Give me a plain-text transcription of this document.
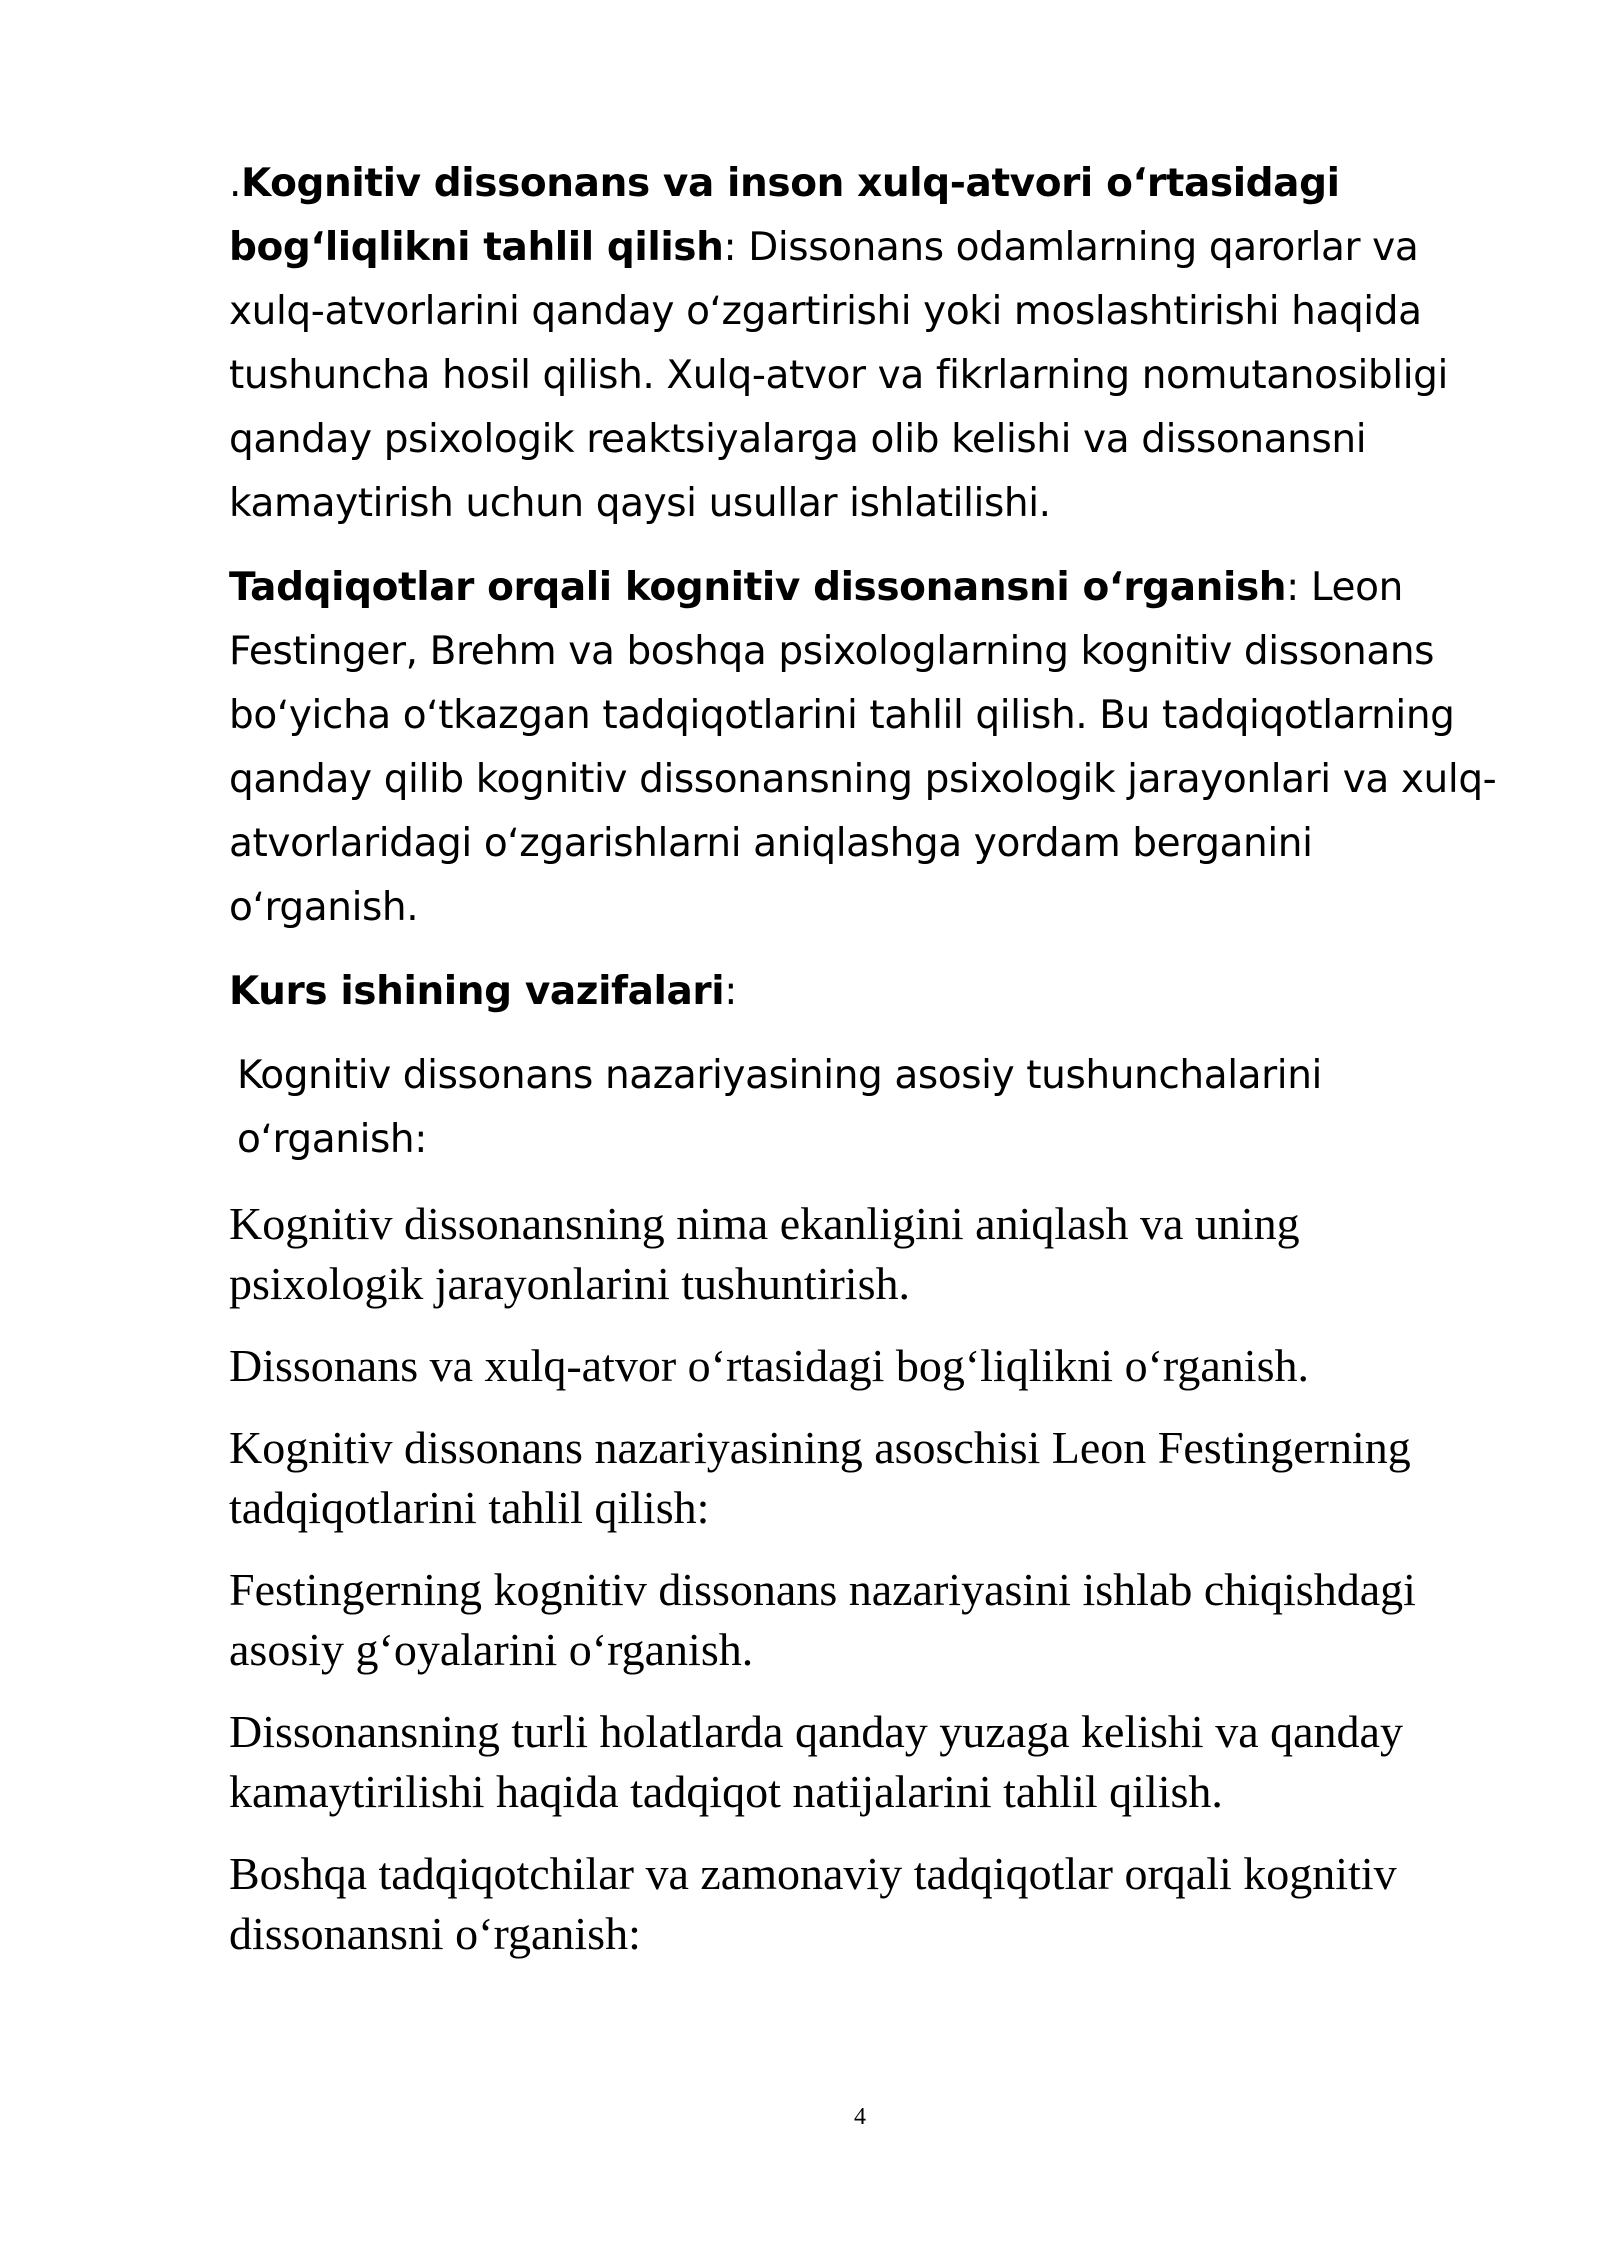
.Kognitiv dissonans va inson xulq-atvori oʻrtasidagi bogʻliqlikni tahlil qilish: Dissonans odamlarning qarorlar va xulq-atvorlarini qanday oʻzgartirishi yoki moslashtirishi haqida tushuncha hosil qilish. Xulq-atvor va fikrlarning nomutanosibligi qanday psixologik reaktsiyalarga olib kelishi va dissonansni kamaytirish uchun qaysi usullar ishlatilishi.

Tadqiqotlar orqali kognitiv dissonansni oʻrganish: Leon Festinger, Brehm va boshqa psixologlarning kognitiv dissonans boʻyicha oʻtkazgan tadqiqotlarini tahlil qilish. Bu tadqiqotlarning qanday qilib kognitiv dissonansning psixologik jarayonlari va xulq-atvorlaridagi oʻzgarishlarni aniqlashga yordam berganini oʻrganish.

Kurs ishining vazifalari:

Kognitiv dissonans nazariyasining asosiy tushunchalarini oʻrganish:

Kognitiv dissonansning nima ekanligini aniqlash va uning psixologik jarayonlarini tushuntirish.

Dissonans va xulq-atvor oʻrtasidagi bogʻliqlikni oʻrganish.

Kognitiv dissonans nazariyasining asoschisi Leon Festingerning tadqiqotlarini tahlil qilish:

Festingerning kognitiv dissonans nazariyasini ishlab chiqishdagi asosiy gʻoyalarini oʻrganish.

Dissonansning turli holatlarda qanday yuzaga kelishi va qanday kamaytirilishi haqida tadqiqot natijalarini tahlil qilish.

Boshqa tadqiqotchilar va zamonaviy tadqiqotlar orqali kognitiv dissonansni oʻrganish:

4
